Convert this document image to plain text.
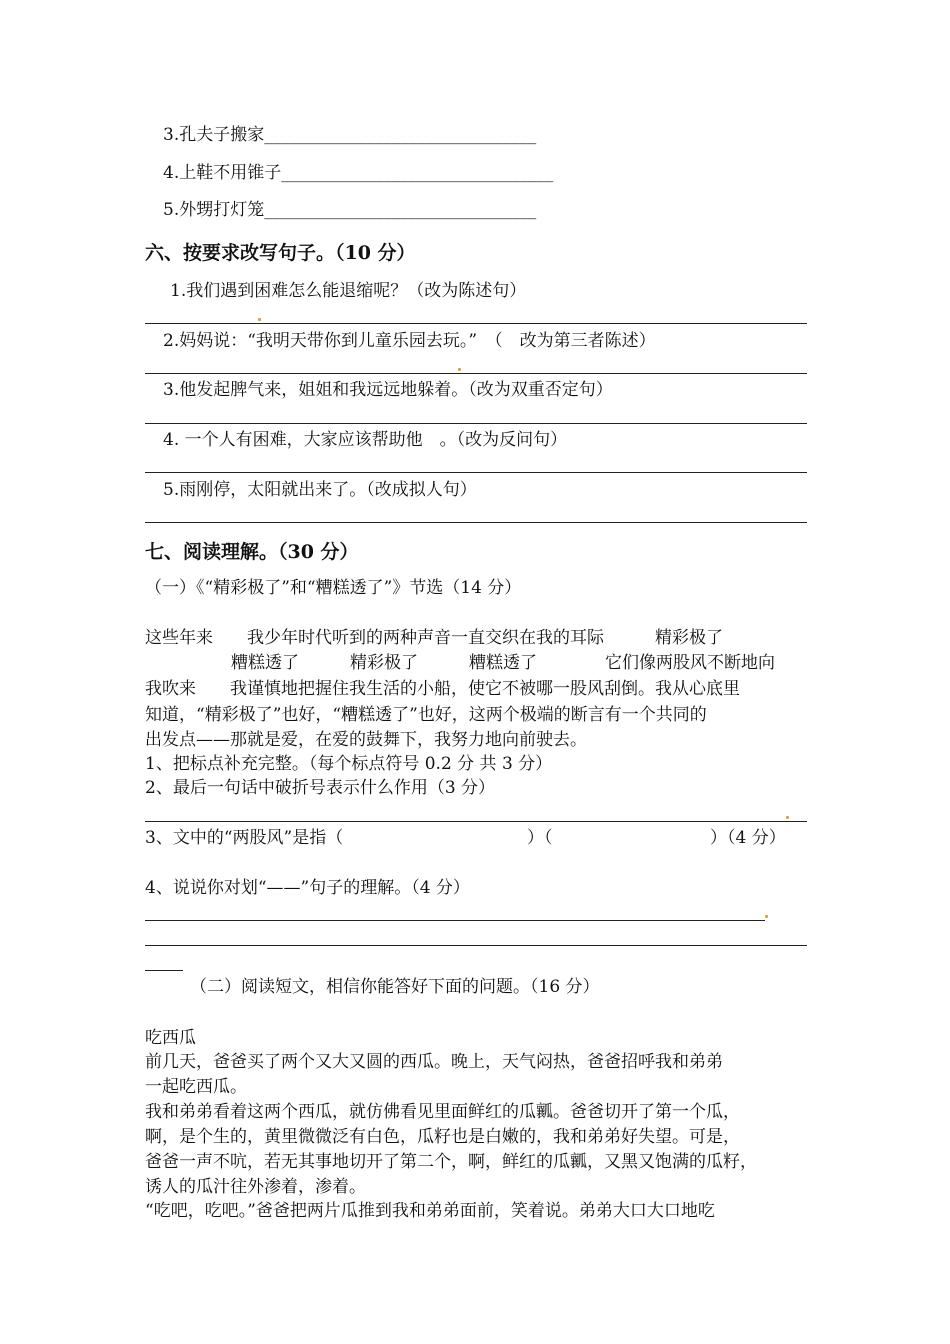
3.孔夫子搬家________________________________
4.上鞋不用锥子________________________________
5.外甥打灯笼________________________________
六、按要求改写句子。（10 分）
1.我们遇到困难怎么能退缩呢？（改为陈述句）
2.妈妈说：“我明天带你到儿童乐园去玩。”　（　改为第三者陈述）
3.他发起脾气来，姐姐和我远远地躲着。（改为双重否定句）
4. 一个人有困难，大家应该帮助他　。（改为反问句）
5.雨刚停，太阳就出来了。（改成拟人句）
七、阅读理解。（30 分）
（一）《“精彩极了”和“糟糕透了”》节选（14 分）
这些年来　　我少年时代听到的两种声音一直交织在我的耳际　　　精彩极了
糟糕透了　　　精彩极了　　　糟糕透了　　　　它们像两股风不断地向
我吹来　　我谨慎地把握住我生活的小船，使它不被哪一股风刮倒。我从心底里
知道，“精彩极了”也好，“糟糕透了”也好，这两个极端的断言有一个共同的
出发点——那就是爱，在爱的鼓舞下，我努力地向前驶去。
1、把标点补充完整。（每个标点符号 0.2 分 共 3 分）
2、最后一句话中破折号表示什么作用（3 分）
3、文中的“两股风”是指（	）（	）（4 分）
4、说说你对划“——”句子的理解。（4 分）
（二）阅读短文，相信你能答好下面的问题。（16 分）
吃西瓜
前几天，爸爸买了两个又大又圆的西瓜。晚上，天气闷热，爸爸招呼我和弟弟
一起吃西瓜。
我和弟弟看着这两个西瓜，就仿佛看见里面鲜红的瓜瓤。爸爸切开了第一个瓜，
啊，是个生的，黄里微微泛有白色，瓜籽也是白嫩的，我和弟弟好失望。可是，
爸爸一声不吭，若无其事地切开了第二个，啊，鲜红的瓜瓤，又黑又饱满的瓜籽，
诱人的瓜汁往外渗着，渗着。
“吃吧，吃吧。”爸爸把两片瓜推到我和弟弟面前，笑着说。弟弟大口大口地吃
